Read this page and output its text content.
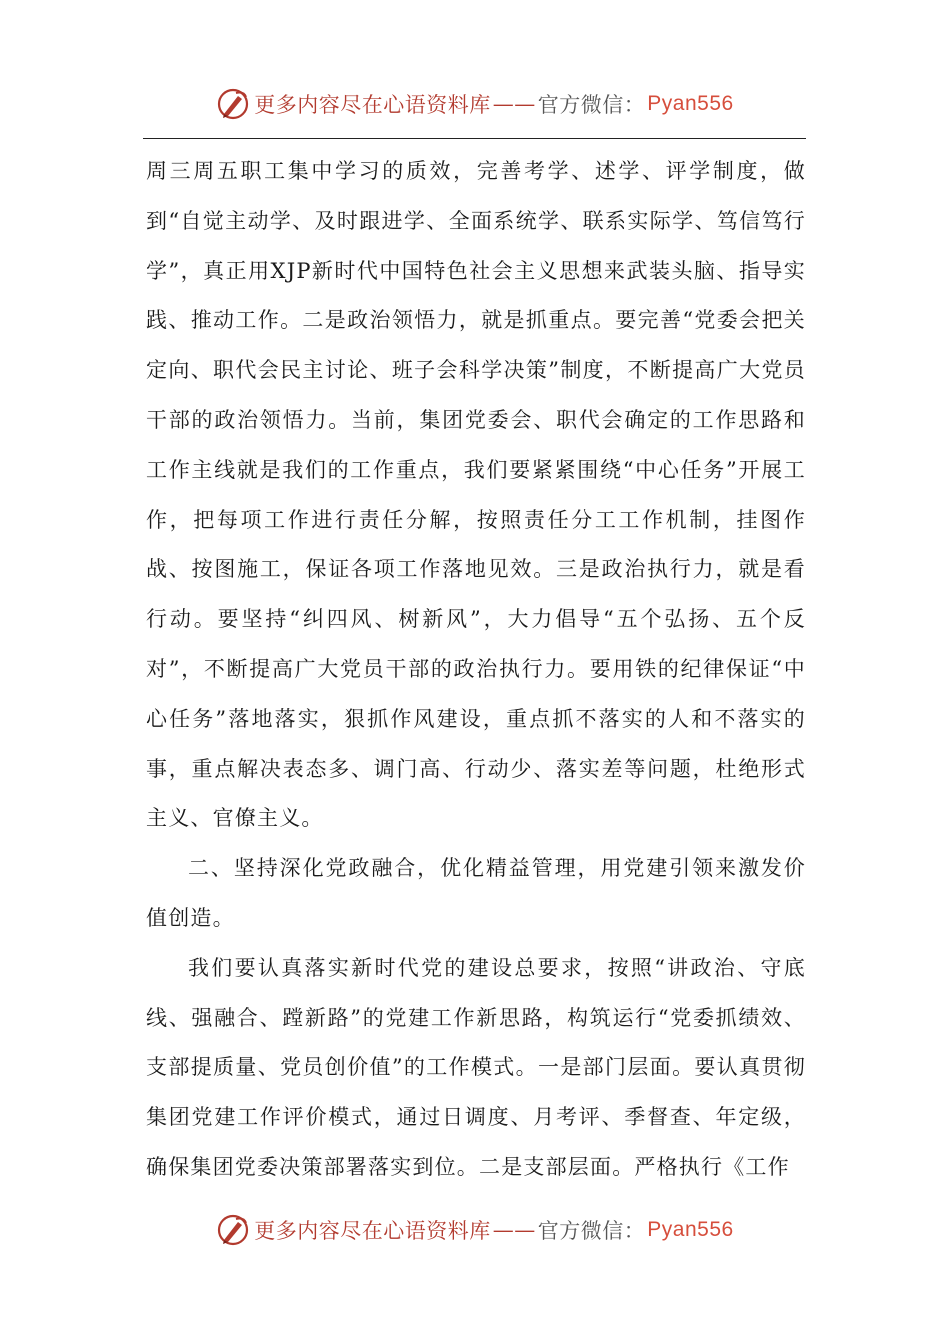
更多内容尽在心语资料库 —— 官方微信： Pyan556

周三周五职工集中学习的质效，完善考学、述学、评学制度，做到“自觉主动学、及时跟进学、全面系统学、联系实际学、笃信笃行学”，真正用XJP新时代中国特色社会主义思想来武装头脑、指导实践、推动工作。二是政治领悟力，就是抓重点。要完善“党委会把关定向、职代会民主讨论、班子会科学决策”制度，不断提高广大党员干部的政治领悟力。当前，集团党委会、职代会确定的工作思路和工作主线就是我们的工作重点，我们要紧紧围绕“中心任务”开展工作，把每项工作进行责任分解，按照责任分工工作机制，挂图作战、按图施工，保证各项工作落地见效。三是政治执行力，就是看行动。要坚持“纠四风、树新风”，大力倡导“五个弘扬、五个反对”，不断提高广大党员干部的政治执行力。要用铁的纪律保证“中心任务”落地落实，狠抓作风建设，重点抓不落实的人和不落实的事，重点解决表态多、调门高、行动少、落实差等问题，杜绝形式主义、官僚主义。

二、坚持深化党政融合，优化精益管理，用党建引领来激发价值创造。

我们要认真落实新时代党的建设总要求，按照“讲政治、守底线、强融合、蹚新路”的党建工作新思路，构筑运行“党委抓绩效、支部提质量、党员创价值”的工作模式。一是部门层面。要认真贯彻集团党建工作评价模式，通过日调度、月考评、季督查、年定级，确保集团党委决策部署落实到位。二是支部层面。严格执行《工作

更多内容尽在心语资料库 —— 官方微信： Pyan556
